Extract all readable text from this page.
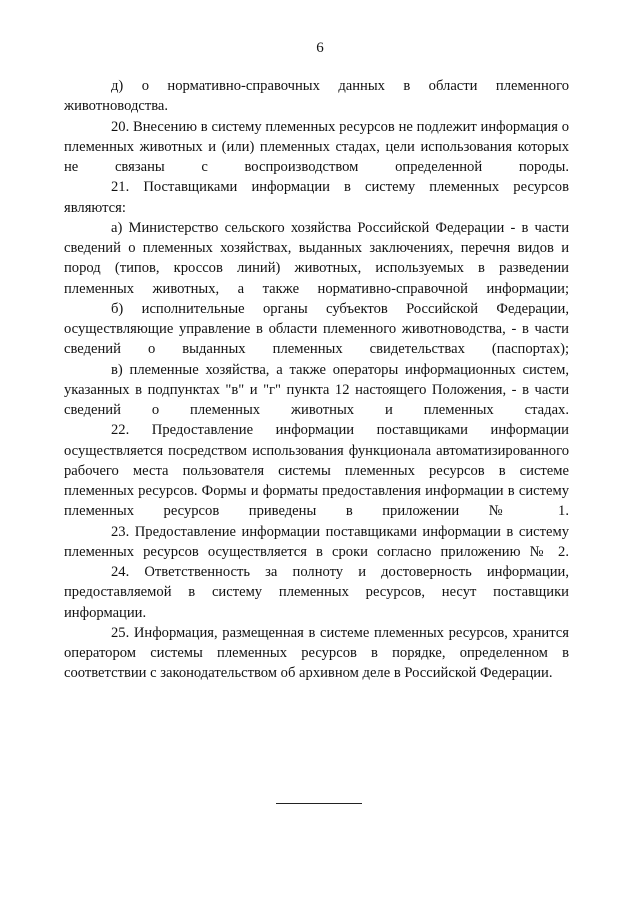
6

д) о нормативно-справочных данных в области племенного животноводства.

20. Внесению в систему племенных ресурсов не подлежит информация о племенных животных и (или) племенных стадах, цели использования которых не связаны с воспроизводством определенной породы.

21. Поставщиками информации в систему племенных ресурсов являются:

а) Министерство сельского хозяйства Российской Федерации - в части сведений о племенных хозяйствах, выданных заключениях, перечня видов и пород (типов, кроссов линий) животных, используемых в разведении племенных животных, а также нормативно-справочной информации;

б) исполнительные органы субъектов Российской Федерации, осуществляющие управление в области племенного животноводства, - в части сведений о выданных племенных свидетельствах (паспортах);

в) племенные хозяйства, а также операторы информационных систем, указанных в подпунктах "в" и "г" пункта 12 настоящего Положения, - в части сведений о племенных животных и племенных стадах.

22. Предоставление информации поставщиками информации осуществляется посредством использования функционала автоматизированного рабочего места пользователя системы племенных ресурсов в системе племенных ресурсов. Формы и форматы предоставления информации в систему племенных ресурсов приведены в приложении № 1.

23. Предоставление информации поставщиками информации в систему племенных ресурсов осуществляется в сроки согласно приложению № 2.

24. Ответственность за полноту и достоверность информации, предоставляемой в систему племенных ресурсов, несут поставщики информации.

25. Информация, размещенная в системе племенных ресурсов, хранится оператором системы племенных ресурсов в порядке, определенном в соответствии с законодательством об архивном деле в Российской Федерации.
